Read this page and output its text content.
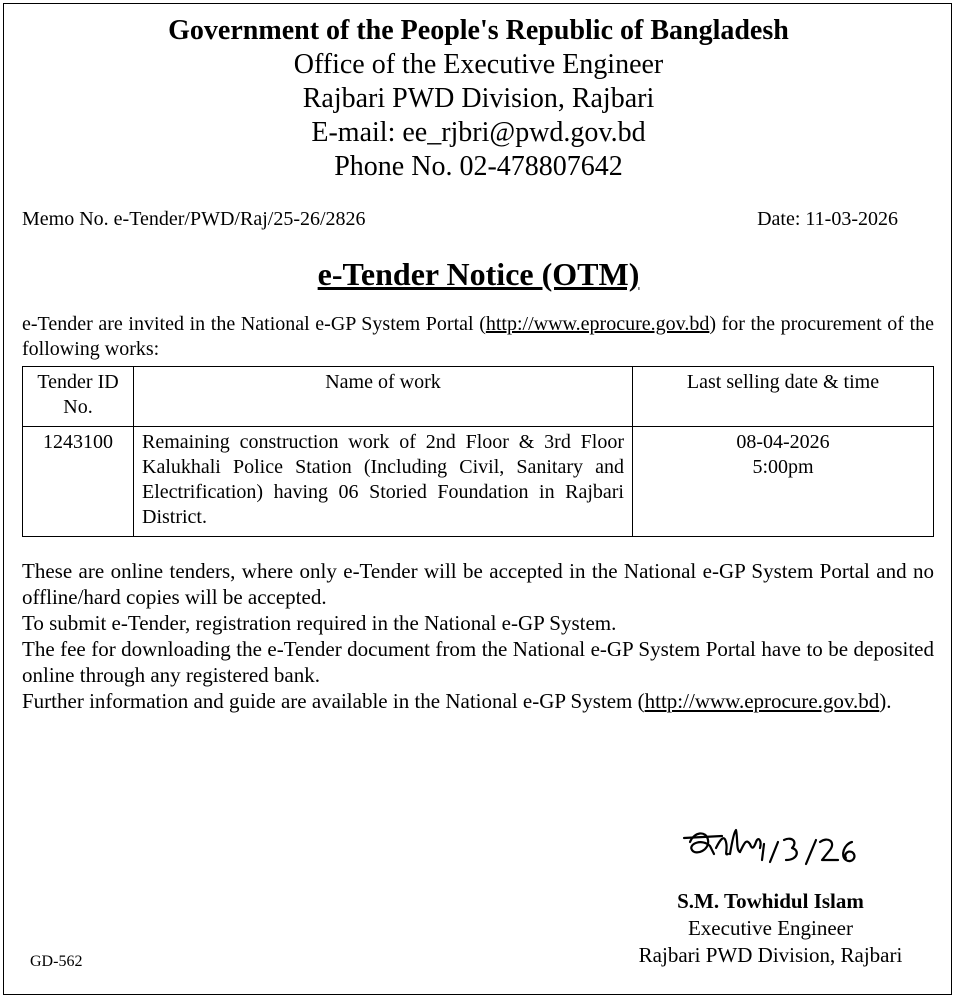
Government of the People's Republic of Bangladesh
Office of the Executive Engineer
Rajbari PWD Division, Rajbari
E-mail: ee_rjbri@pwd.gov.bd
Phone No. 02-478807642
Memo No. e-Tender/PWD/Raj/25-26/2826	Date: 11-03-2026
e-Tender Notice (OTM)
e-Tender are invited in the National e-GP System Portal (http://www.eprocure.gov.bd) for the procurement of the following works:
Tender ID No.	Name of work	Last selling date & time
1243100	Remaining construction work of 2nd Floor & 3rd Floor Kalukhali Police Station (Including Civil, Sanitary and Electrification) having 06 Storied Foundation in Rajbari District.	08-04-2026
5:00pm

These are online tenders, where only e-Tender will be accepted in the National e-GP System Portal and no offline/hard copies will be accepted.

To submit e-Tender, registration required in the National e-GP System.

The fee for downloading the e-Tender document from the National e-GP System Portal have to be deposited online through any registered bank.

Further information and guide are available in the National e-GP System (http://www.eprocure.gov.bd).

S.M. Towhidul Islam
Executive Engineer
Rajbari PWD Division, Rajbari
GD-562
